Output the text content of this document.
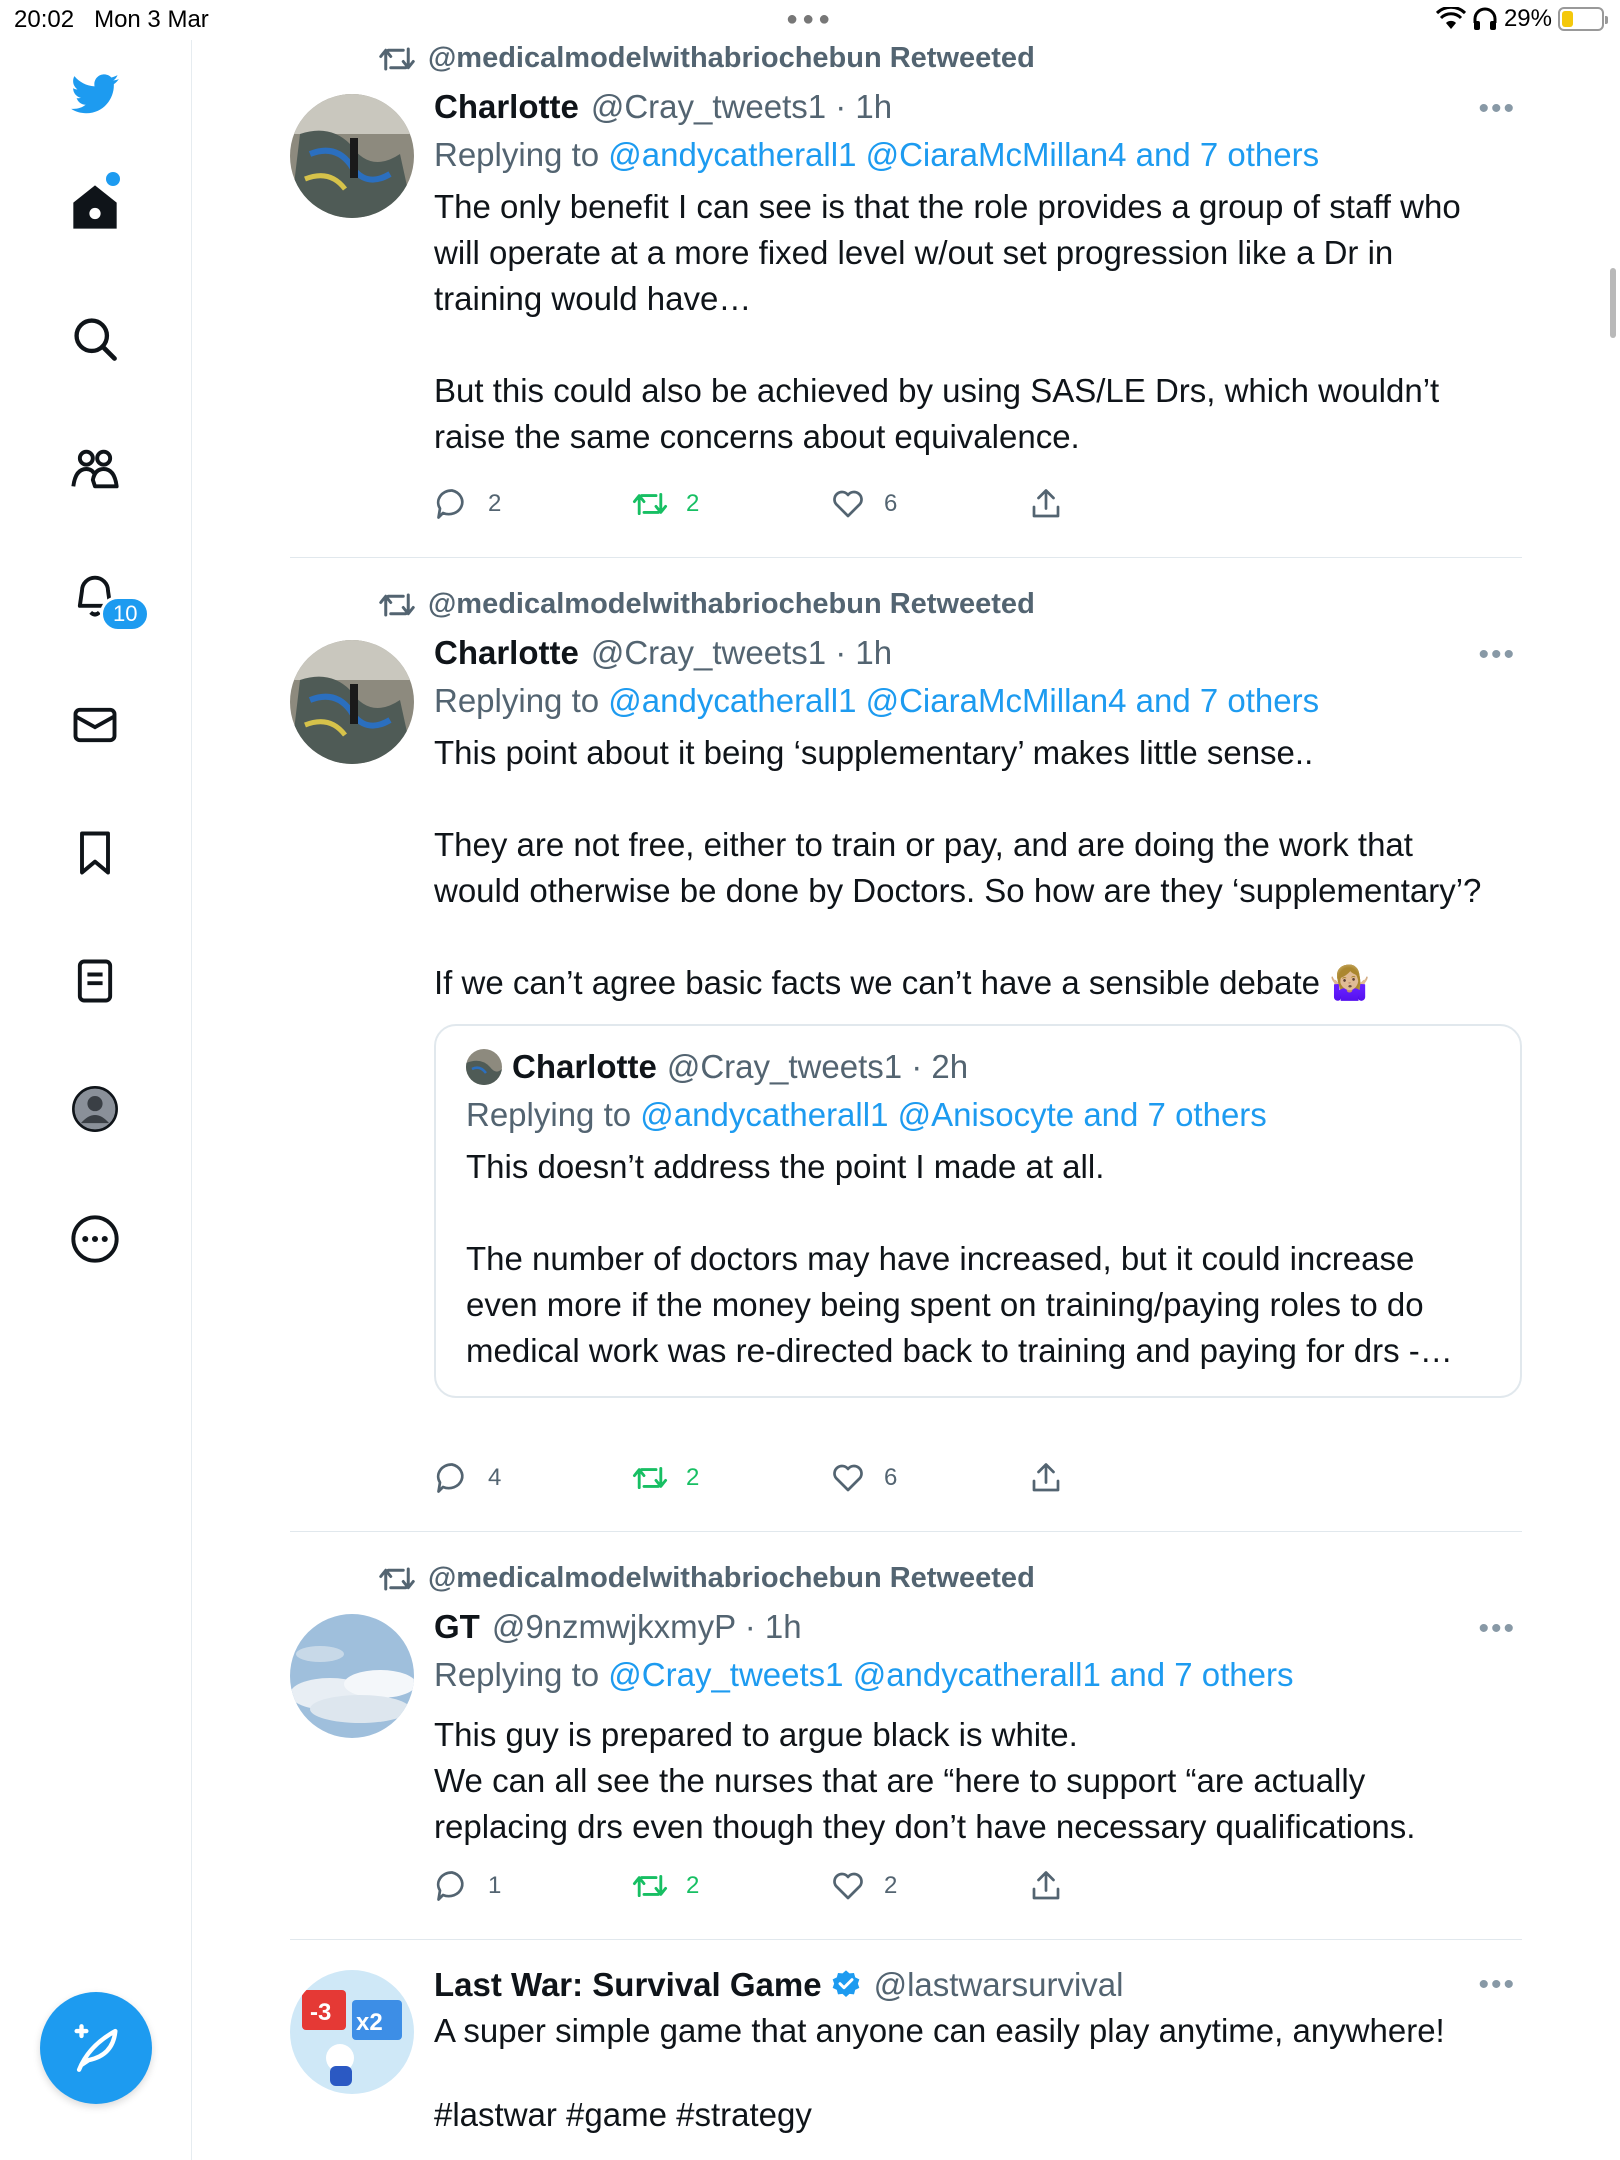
20:02 Mon 3 Mar	●●●	29%
10
@medicalmodelwithabriochebun Retweeted
Charlotte @Cray_tweets1 · 1h
Replying to @andycatherall1 @CiaraMcMillan4 and 7 others
The only benefit I can see is that the role provides a group of staff who
will operate at a more fixed level w/out set progression like a Dr in
training would have…

But this could also be achieved by using SAS/LE Drs, which wouldn’t
raise the same concerns about equivalence.
•••
2	2	6
@medicalmodelwithabriochebun Retweeted
Charlotte @Cray_tweets1 · 1h
Replying to @andycatherall1 @CiaraMcMillan4 and 7 others
This point about it being ‘supplementary’ makes little sense..

They are not free, either to train or pay, and are doing the work that
would otherwise be done by Doctors. So how are they ‘supplementary’?

If we can’t agree basic facts we can’t have a sensible debate 🤷🏼‍♀️
Charlotte @Cray_tweets1 · 2h
Replying to @andycatherall1 @Anisocyte and 7 others
This doesn’t address the point I made at all.

The number of doctors may have increased, but it could increase
even more if the money being spent on training/paying roles to do
medical work was re-directed back to training and paying for drs -…
•••
4	2	6
@medicalmodelwithabriochebun Retweeted
GT @9nzmwjkxmyP · 1h
Replying to @Cray_tweets1 @andycatherall1 and 7 others
This guy is prepared to argue black is white.
We can all see the nurses that are “here to support “are actually
replacing drs even though they don’t have necessary qualifications.
•••
1	2	2
-3 x2
Last War: Survival Game @lastwarsurvival
A super simple game that anyone can easily play anytime, anywhere!
#lastwar #game #strategy
•••
